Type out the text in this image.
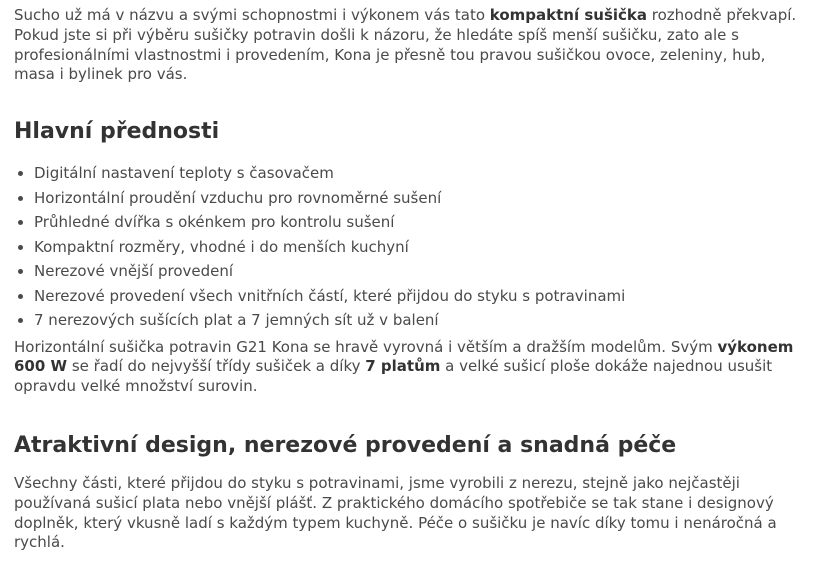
Sucho už má v názvu a svými schopnostmi i výkonem vás tato kompaktní sušička rozhodně překvapí. Pokud jste si při výběru sušičky potravin došli k názoru, že hledáte spíš menší sušičku, zato ale s profesionálními vlastnostmi i provedením, Kona je přesně tou pravou sušičkou ovoce, zeleniny, hub, masa i bylinek pro vás.

Hlavní přednosti
Digitální nastavení teploty s časovačem
Horizontální proudění vzduchu pro rovnoměrné sušení
Průhledné dvířka s okénkem pro kontrolu sušení
Kompaktní rozměry, vhodné i do menších kuchyní
Nerezové vnější provedení
Nerezové provedení všech vnitřních částí, které přijdou do styku s potravinami
7 nerezových sušících plat a 7 jemných sít už v balení

Horizontální sušička potravin G21 Kona se hravě vyrovná i větším a dražším modelům. Svým výkonem 600 W se řadí do nejvyšší třídy sušiček a díky 7 platům a velké sušicí ploše dokáže najednou usušit opravdu velké množství surovin.

Atraktivní design, nerezové provedení a snadná péče

Všechny části, které přijdou do styku s potravinami, jsme vyrobili z nerezu, stejně jako nejčastěji používaná sušicí plata nebo vnější plášť. Z praktického domácího spotřebiče se tak stane i designový doplněk, který vkusně ladí s každým typem kuchyně. Péče o sušičku je navíc díky tomu i nenáročná a rychlá.
